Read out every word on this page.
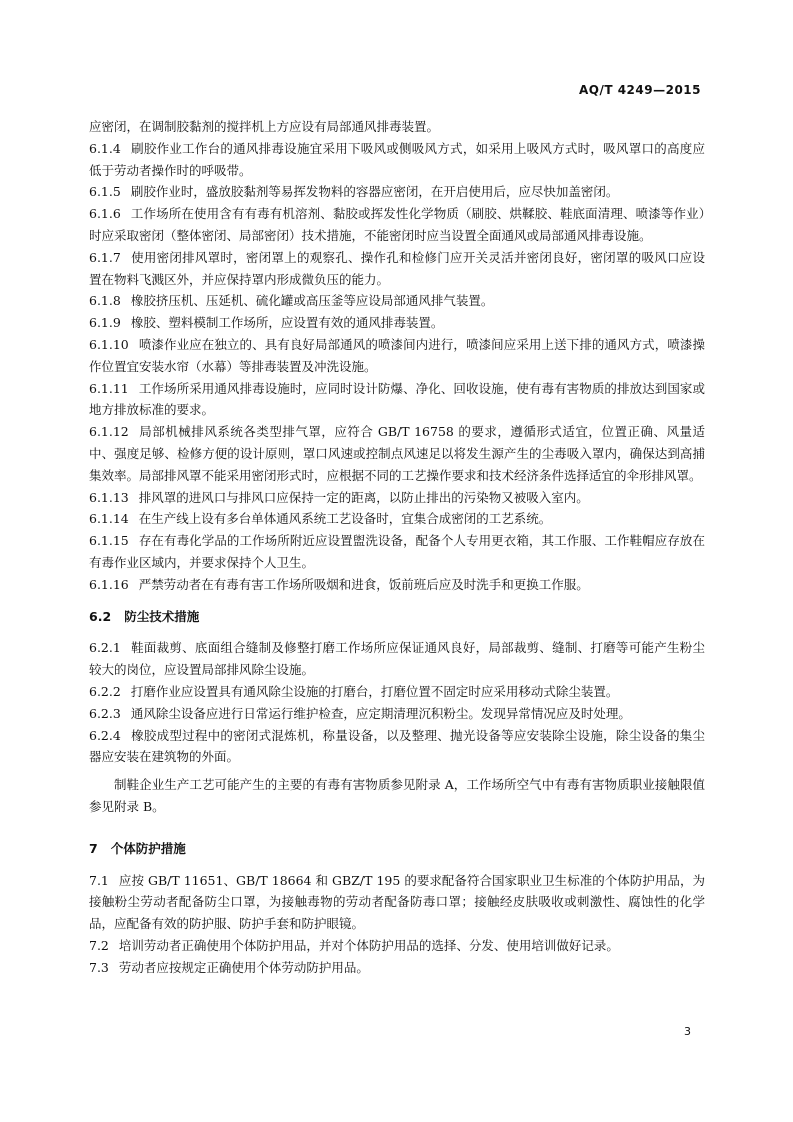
AQ/T 4249—2015

应密闭，在调制胶黏剂的搅拌机上方应设有局部通风排毒装置。

6.1.4 刷胶作业工作台的通风排毒设施宜采用下吸风或侧吸风方式，如采用上吸风方式时，吸风罩口的高度应低于劳动者操作时的呼吸带。

6.1.5 刷胶作业时，盛放胶黏剂等易挥发物料的容器应密闭，在开启使用后，应尽快加盖密闭。

6.1.6 工作场所在使用含有有毒有机溶剂、黏胶或挥发性化学物质（刷胶、烘鞣胶、鞋底面清理、喷漆等作业）时应采取密闭（整体密闭、局部密闭）技术措施，不能密闭时应当设置全面通风或局部通风排毒设施。

6.1.7 使用密闭排风罩时，密闭罩上的观察孔、操作孔和检修门应开关灵活并密闭良好，密闭罩的吸风口应设置在物料飞溅区外，并应保持罩内形成微负压的能力。

6.1.8 橡胶挤压机、压延机、硫化罐或高压釜等应设局部通风排气装置。

6.1.9 橡胶、塑料模制工作场所，应设置有效的通风排毒装置。

6.1.10 喷漆作业应在独立的、具有良好局部通风的喷漆间内进行，喷漆间应采用上送下排的通风方式，喷漆操作位置宜安装水帘（水幕）等排毒装置及冲洗设施。

6.1.11 工作场所采用通风排毒设施时，应同时设计防爆、净化、回收设施，使有毒有害物质的排放达到国家或地方排放标准的要求。

6.1.12 局部机械排风系统各类型排气罩，应符合 GB/T 16758 的要求，遵循形式适宜，位置正确、风量适中、强度足够、检修方便的设计原则，罩口风速或控制点风速足以将发生源产生的尘毒吸入罩内，确保达到高捕集效率。局部排风罩不能采用密闭形式时，应根据不同的工艺操作要求和技术经济条件选择适宜的伞形排风罩。

6.1.13 排风罩的进风口与排风口应保持一定的距离，以防止排出的污染物又被吸入室内。

6.1.14 在生产线上设有多台单体通风系统工艺设备时，宜集合成密闭的工艺系统。

6.1.15 存在有毒化学品的工作场所附近应设置盥洗设备，配备个人专用更衣箱，其工作服、工作鞋帽应存放在有毒作业区域内，并要求保持个人卫生。

6.1.16 严禁劳动者在有毒有害工作场所吸烟和进食，饭前班后应及时洗手和更换工作服。

6.2 防尘技术措施

6.2.1 鞋面裁剪、底面组合缝制及修整打磨工作场所应保证通风良好，局部裁剪、缝制、打磨等可能产生粉尘较大的岗位，应设置局部排风除尘设施。

6.2.2 打磨作业应设置具有通风除尘设施的打磨台，打磨位置不固定时应采用移动式除尘装置。

6.2.3 通风除尘设备应进行日常运行维护检查，应定期清理沉积粉尘。发现异常情况应及时处理。

6.2.4 橡胶成型过程中的密闭式混炼机，称量设备，以及整理、抛光设备等应安装除尘设施，除尘设备的集尘器应安装在建筑物的外面。

制鞋企业生产工艺可能产生的主要的有毒有害物质参见附录 A，工作场所空气中有毒有害物质职业接触限值参见附录 B。

7 个体防护措施

7.1 应按 GB/T 11651、GB/T 18664 和 GBZ/T 195 的要求配备符合国家职业卫生标准的个体防护用品，为接触粉尘劳动者配备防尘口罩，为接触毒物的劳动者配备防毒口罩；接触经皮肤吸收或刺激性、腐蚀性的化学品，应配备有效的防护服、防护手套和防护眼镜。

7.2 培训劳动者正确使用个体防护用品，并对个体防护用品的选择、分发、使用培训做好记录。

7.3 劳动者应按规定正确使用个体劳动防护用品。

3
